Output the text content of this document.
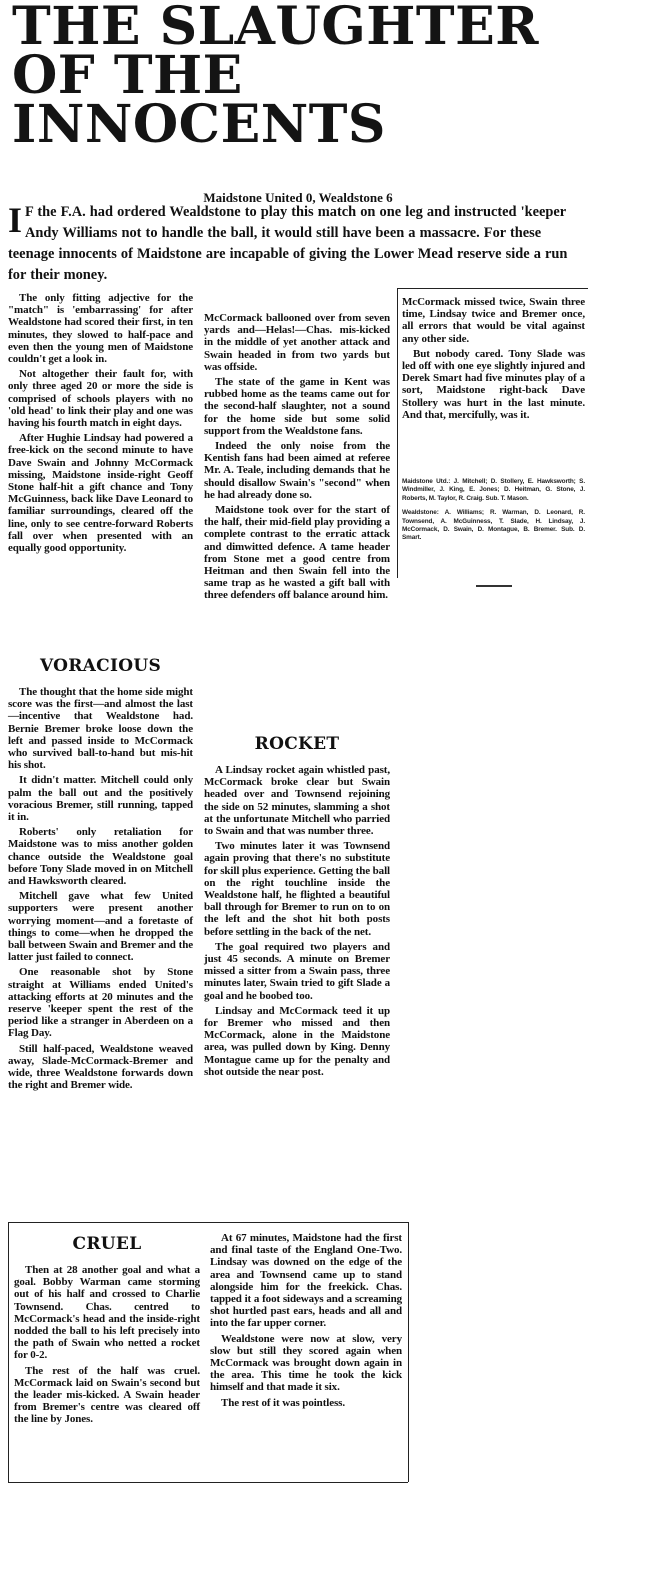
THE SLAUGHTER
OF THE
INNOCENTS
Maidstone United 0, Wealdstone 6
I F the F.A. had ordered Wealdstone to play this match on one leg and instructed 'keeper Andy Williams not to handle the ball, it would still have been a massacre. For these teenage innocents of Maidstone are incapable of giving the Lower Mead reserve side a run for their money.

The only fitting adjective for the "match" is 'embarrassing' for after Wealdstone had scored their first, in ten minutes, they slowed to half-pace and even then the young men of Maidstone couldn't get a look in.

Not altogether their fault for, with only three aged 20 or more the side is comprised of schools players with no 'old head' to link their play and one was having his fourth match in eight days.

After Hughie Lindsay had powered a free-kick on the second minute to have Dave Swain and Johnny McCormack missing, Maidstone inside-right Geoff Stone half-hit a gift chance and Tony McGuinness, back like Dave Leonard to familiar surroundings, cleared off the line, only to see centre-forward Roberts fall over when presented with an equally good opportunity.

VORACIOUS

The thought that the home side might score was the first—and almost the last—incentive that Wealdstone had. Bernie Bremer broke loose down the left and passed inside to McCormack who survived ball-to-hand but mis-hit his shot.

It didn't matter. Mitchell could only palm the ball out and the positively voracious Bremer, still running, tapped it in.

Roberts' only retaliation for Maidstone was to miss another golden chance outside the Wealdstone goal before Tony Slade moved in on Mitchell and Hawksworth cleared.

Mitchell gave what few United supporters were present another worrying moment—and a foretaste of things to come—when he dropped the ball between Swain and Bremer and the latter just failed to connect.

One reasonable shot by Stone straight at Williams ended United's attacking efforts at 20 minutes and the reserve 'keeper spent the rest of the period like a stranger in Aberdeen on a Flag Day.

Still half-paced, Wealdstone weaved away, Slade-McCormack-Bremer and wide, three Wealdstone forwards down the right and Bremer wide.

McCormack ballooned over from seven yards and—Helas!—Chas. mis-kicked in the middle of yet another attack and Swain headed in from two yards but was offside.

The state of the game in Kent was rubbed home as the teams came out for the second-half slaughter, not a sound for the home side but some solid support from the Wealdstone fans.

Indeed the only noise from the Kentish fans had been aimed at referee Mr. A. Teale, including demands that he should disallow Swain's "second" when he had already done so.

Maidstone took over for the start of the half, their mid-field play providing a complete contrast to the erratic attack and dimwitted defence. A tame header from Stone met a good centre from Heitman and then Swain fell into the same trap as he wasted a gift ball with three defenders off balance around him.

ROCKET

A Lindsay rocket again whistled past, McCormack broke clear but Swain headed over and Townsend rejoining the side on 52 minutes, slamming a shot at the unfortunate Mitchell who parried to Swain and that was number three.

Two minutes later it was Townsend again proving that there's no substitute for skill plus experience. Getting the ball on the right touchline inside the Wealdstone half, he flighted a beautiful ball through for Bremer to run on to on the left and the shot hit both posts before settling in the back of the net.

The goal required two players and just 45 seconds. A minute on Bremer missed a sitter from a Swain pass, three minutes later, Swain tried to gift Slade a goal and he boobed too.

Lindsay and McCormack teed it up for Bremer who missed and then McCormack, alone in the Maidstone area, was pulled down by King. Denny Montague came up for the penalty and shot outside the near post.

McCormack missed twice, Swain three time, Lindsay twice and Bremer once, all errors that would be vital against any other side.

But nobody cared. Tony Slade was led off with one eye slightly injured and Derek Smart had five minutes play of a sort, Maidstone right-back Dave Stollery was hurt in the last minute. And that, mercifully, was it.

Maidstone Utd.: J. Mitchell; D. Stollery, E. Hawksworth; S. Windmiller, J. King, E. Jones; D. Heitman, G. Stone, J. Roberts, M. Taylor, R. Craig. Sub. T. Mason.

Wealdstone: A. Williams; R. Warman, D. Leonard, R. Townsend, A. McGuinness, T. Slade, H. Lindsay, J. McCormack, D. Swain, D. Montague, B. Bremer. Sub. D. Smart.

CRUEL

Then at 28 another goal and what a goal. Bobby Warman came storming out of his half and crossed to Charlie Townsend. Chas. centred to McCormack's head and the inside-right nodded the ball to his left precisely into the path of Swain who netted a rocket for 0-2.

The rest of the half was cruel. McCormack laid on Swain's second but the leader mis-kicked. A Swain header from Bremer's centre was cleared off the line by Jones.

At 67 minutes, Maidstone had the first and final taste of the England One-Two. Lindsay was downed on the edge of the area and Townsend came up to stand alongside him for the freekick. Chas. tapped it a foot sideways and a screaming shot hurtled past ears, heads and all and into the far upper corner.

Wealdstone were now at slow, very slow but still they scored again when McCormack was brought down again in the area. This time he took the kick himself and that made it six.

The rest of it was pointless.
